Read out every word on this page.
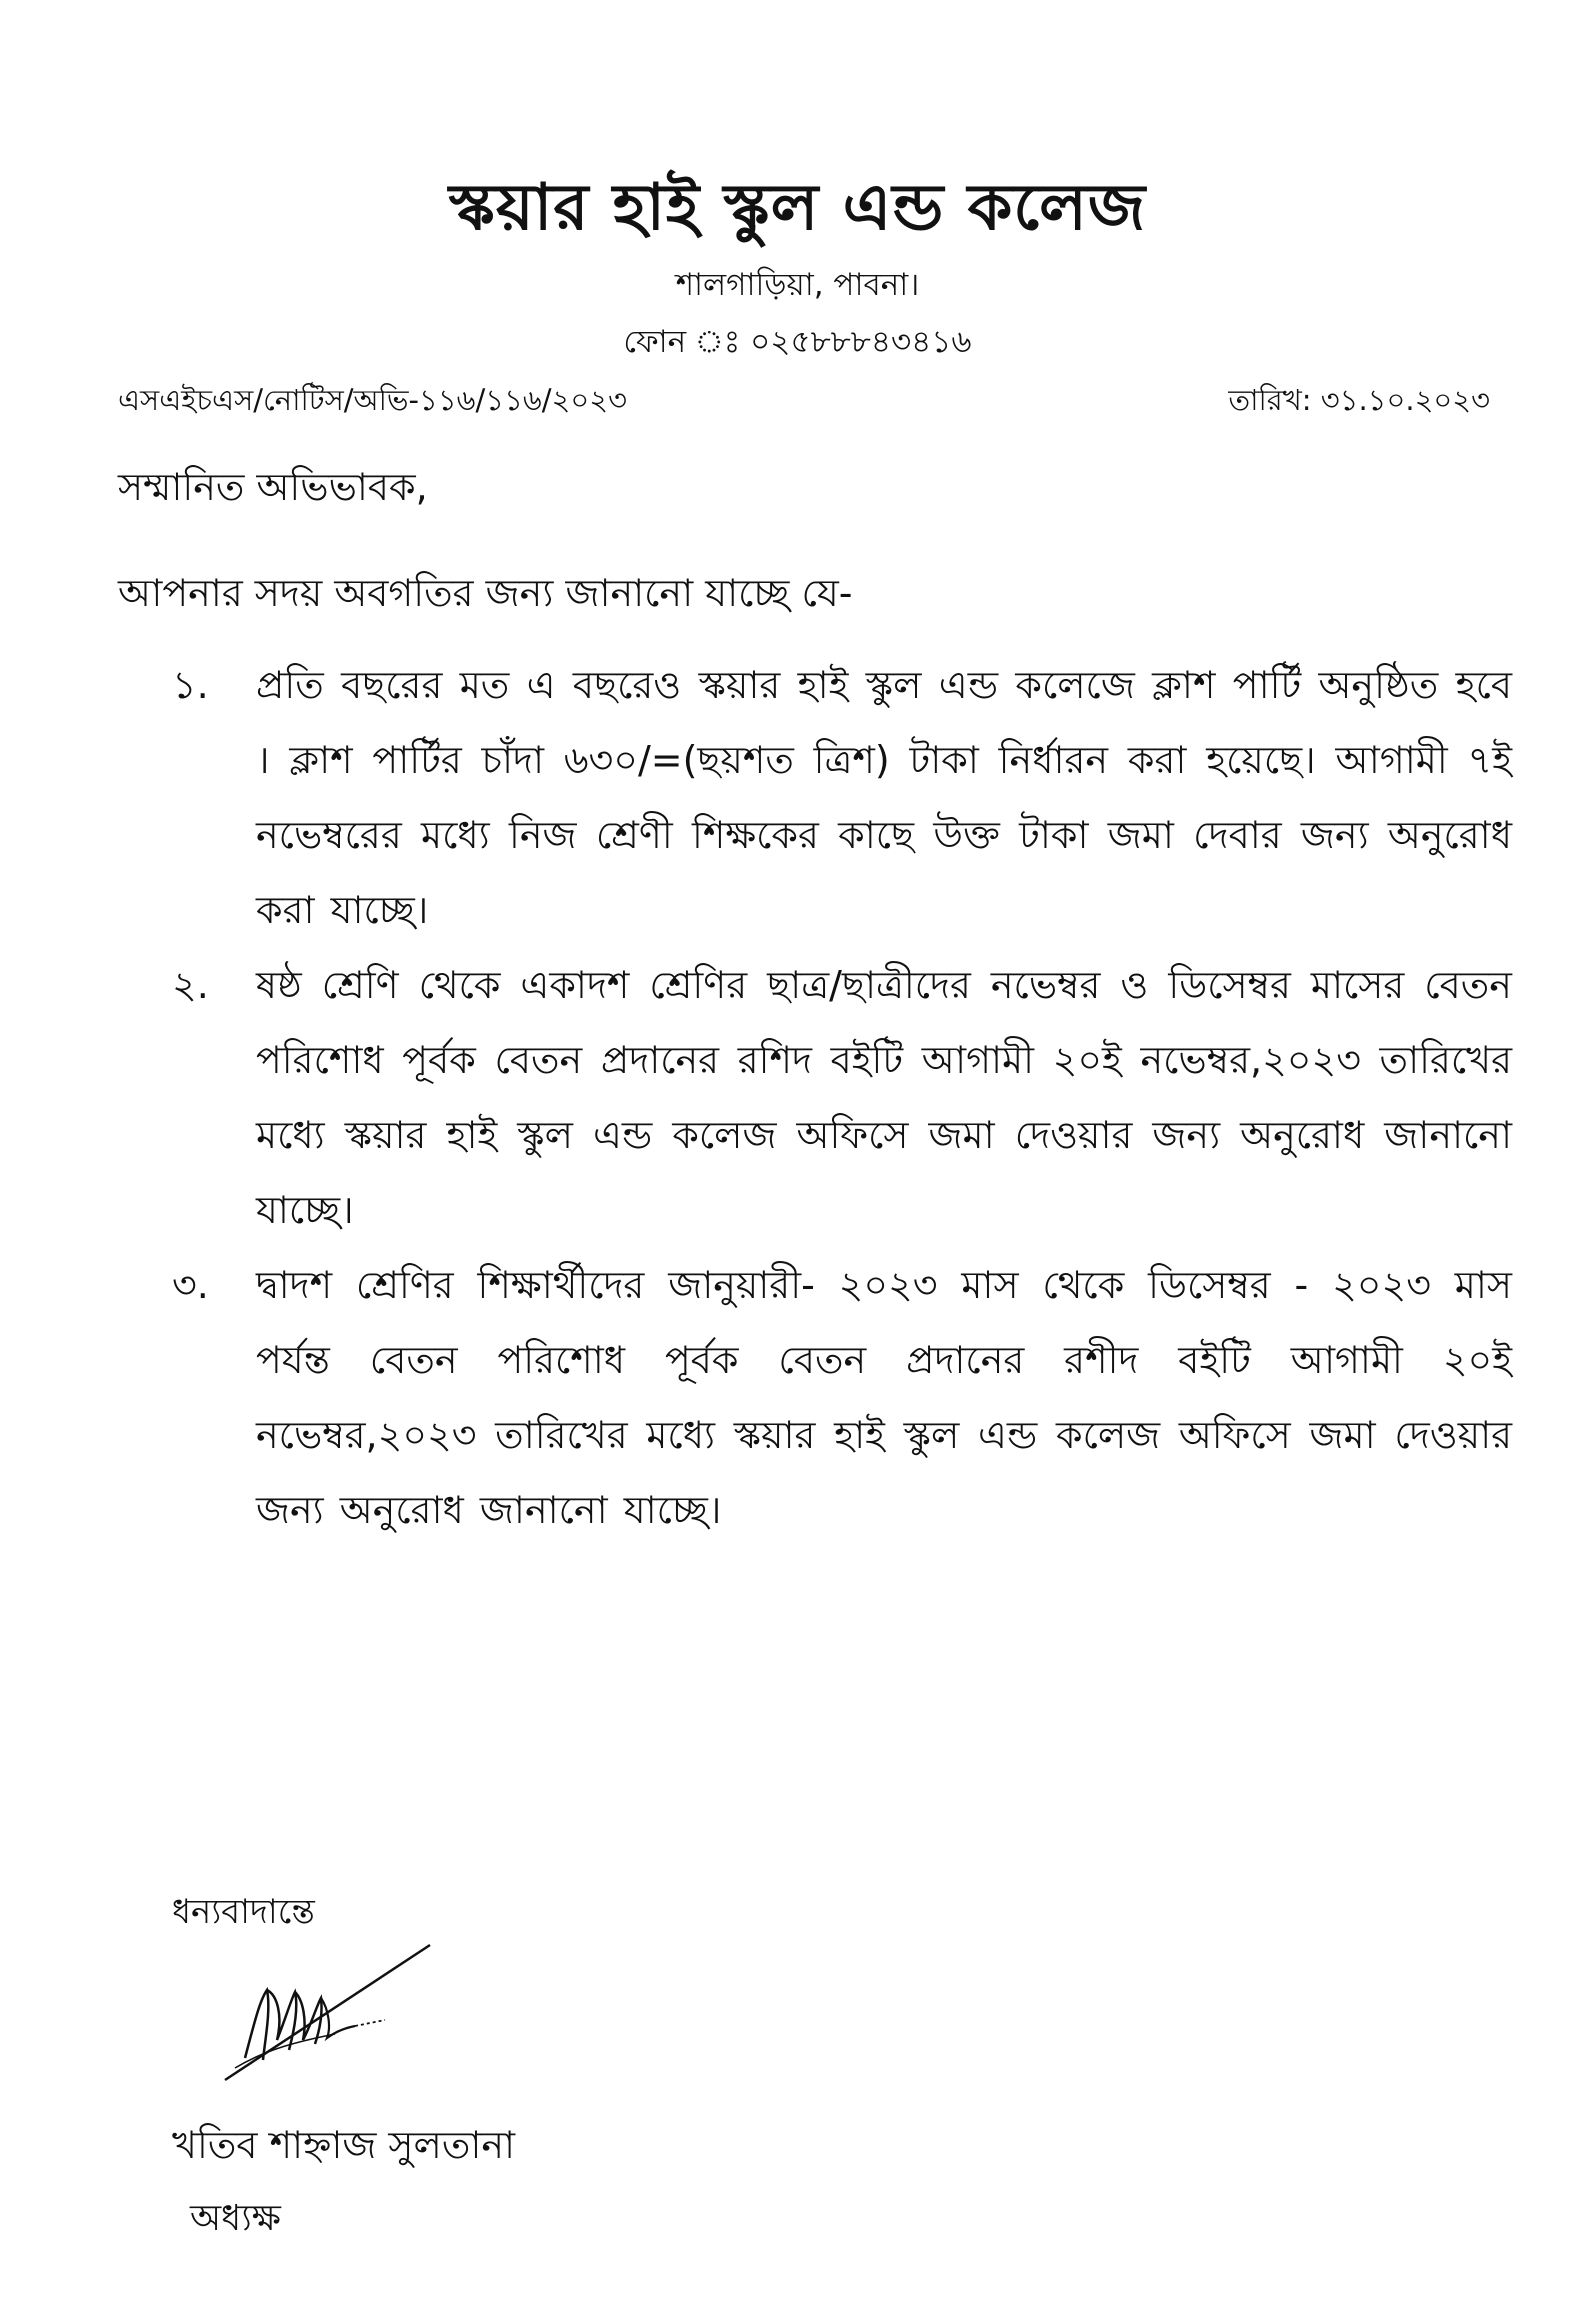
স্কয়ার হাই স্কুল এন্ড কলেজ
শালগাড়িয়া, পাবনা।
ফোন ঃ ০২৫৮৮৮৪৩৪১৬
এসএইচএস/নোটিস/অভি-১১৬/১১৬/২০২৩	তারিখ: ৩১.১০.২০২৩
সম্মানিত অভিভাবক,
আপনার সদয় অবগতির জন্য জানানো যাচ্ছে যে-
১.	প্রতি বছরের মত এ বছরেও স্কয়ার হাই স্কুল এন্ড কলেজে ক্লাশ পার্টি অনুষ্ঠিত হবে । ক্লাশ পার্টির চাঁদা ৬৩০/=(ছয়শত ত্রিশ) টাকা নির্ধারন করা হয়েছে। আগামী ৭ই নভেম্বরের মধ্যে নিজ শ্রেণী শিক্ষকের কাছে উক্ত টাকা জমা দেবার জন্য অনুরোধ করা যাচ্ছে।
২.	ষষ্ঠ শ্রেণি থেকে একাদশ শ্রেণির ছাত্র/ছাত্রীদের নভেম্বর ও ডিসেম্বর মাসের বেতন পরিশোধ পূর্বক বেতন প্রদানের রশিদ বইটি আগামী ২০ই নভেম্বর,২০২৩ তারিখের মধ্যে স্কয়ার হাই স্কুল এন্ড কলেজ অফিসে জমা দেওয়ার জন্য অনুরোধ জানানো যাচ্ছে।
৩.	দ্বাদশ শ্রেণির শিক্ষার্থীদের জানুয়ারী- ২০২৩ মাস থেকে ডিসেম্বর - ২০২৩ মাস পর্যন্ত বেতন পরিশোধ পূর্বক বেতন প্রদানের রশীদ বইটি আগামী ২০ই নভেম্বর,২০২৩ তারিখের মধ্যে স্কয়ার হাই স্কুল এন্ড কলেজ অফিসে জমা দেওয়ার জন্য অনুরোধ জানানো যাচ্ছে।
ধন্যবাদান্তে
খতিব শাহ্নাজ সুলতানা
অধ্যক্ষ
